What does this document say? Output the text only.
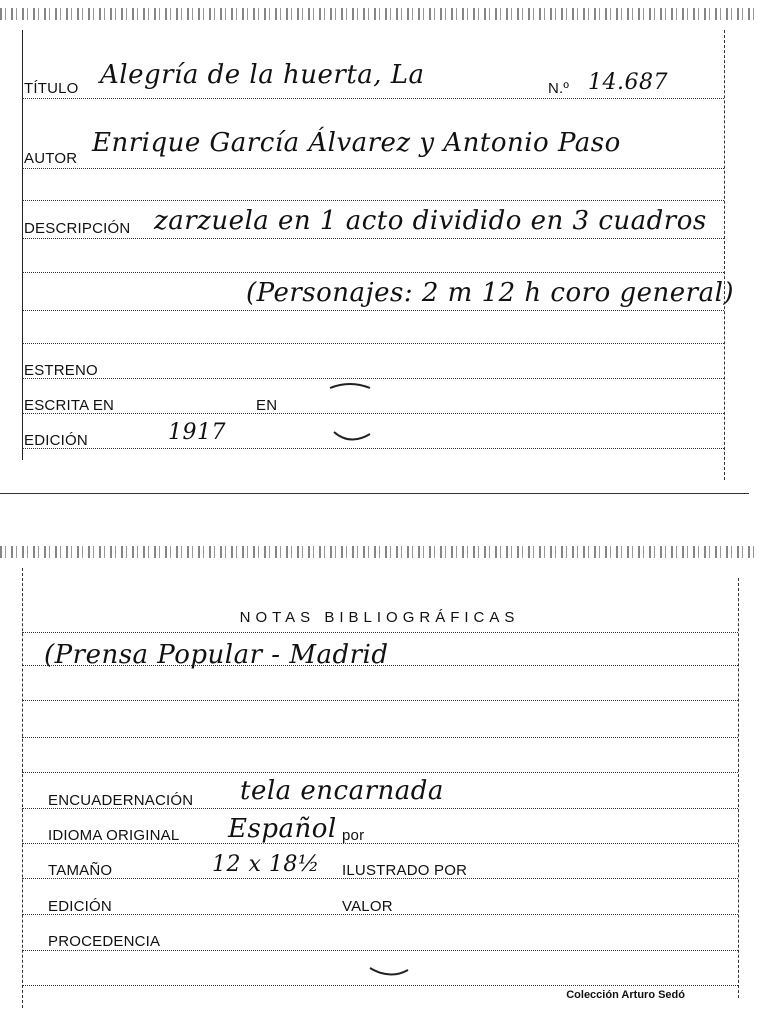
TÍTULO Alegría de la huerta, La	N.º 14.687
AUTOR
Enrique García Álvarez y Antonio Paso
DESCRIPCIÓN zarzuela en 1 acto dividido en 3 cuadros
(Personajes: 2 m 12 h coro general)
ESTRENO
ESCRITA EN	EN
EDICIÓN	1917
NOTAS BIBLIOGRÁFICAS
(Prensa Popular - Madrid
ENCUADERNACIÓN tela encarnada
IDIOMA ORIGINAL Español por
TAMAÑO	12 x 18½ ILUSTRADO POR
EDICIÓN	VALOR
PROCEDENCIA
Colección Arturo Sedó
